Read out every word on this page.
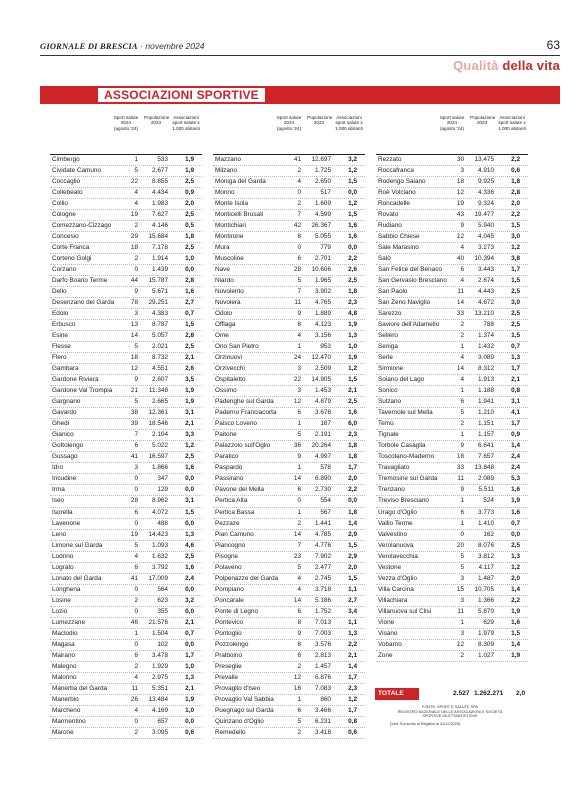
GIORNALE DI BRESCIA · novembre 2024	63
Qualità della vita
ASSOCIAZIONI SPORTIVE
Sport salute 2024 (agosto '24)
Popolazione 2023
Associazioni sport salute x 1.000 abitanti
Cimbergo	1	533	1,9
Cividate Camuno	5 2.677	1,9
Coccaglio	22 8.855	2,5
Collebeato	4 4.434	0,9
Collio	4 1.983	2,0
Cologne	19 7.627	2,5
Comezzano-Cizzago	2 4.146	0,5
Concesio	29 15.684	1,8
Corte Franca	18 7.178	2,5
Corteno Golgi	2 1.914	1,0
Corzano	0 1.439	0,0
Darfo Boario Terme	44 15.787	2,8
Dello	9 5.671	1,6
Desenzano del Garda	78 29.251	2,7
Edolo	3 4.383	0,7
Erbusco	13 8.787	1,5
Esine	14 5.057	2,8
Flesse	5 2.021	2,5
Flero	18 8.732	2,1
Gambara	12 4.551	2,6
Gardone Riviera	9 2.607	3,5
Gardone Val Trompia	21 11.348	1,9
Gargnano	5 2.665	1,9
Gavardo	38 12.361	3,1
Ghedi	39 18.546	2,1
Gianico	7 2.104	3,3
Gottolengo	6 5.022	1,2
Gussago	41 16.597	2,5
Idro	3 1.866	1,6
Incudine	0	347	0,0
Irma	0	129	0,0
Iseo	28 8.962	3,1
Isorella	6 4.072	1,5
Lavenone	0	488	0,0
Leno	19 14.423	1,3
Limone sul Garda	5 1.093	4,6
Lodrino	4 1.632	2,5
Lograto	6 3.792	1,6
Lonato del Garda	41 17.009	2,4
Longhena	0	564	0,0
Losine	2	623	3,2
Lozio	0	355	0,0
Lumezzane	46 21.576	2,1
Maclodio	1 1.504	0,7
Magasa	0	102	0,0
Mairano	6 3.478	1,7
Malegno	2 1.929	1,0
Malonno	4 2.975	1,3
Manerba del Garda	11 5.351	2,1
Manerbio	26 13.484	1,9
Marcheno	4 4.169	1,0
Marmentino	0	657	0,0
Marone	2 3.095	0,6
Sport salute 2024 (agosto '24)
Popolazione 2023
Associazioni sport salute x 1.000 abitanti
Mazzano	41 12.697	3,2
Milzano	2 1.725	1,2
Moniga del Garda	4 2.650	1,5
Monno	0	517	0,0
Monte Isola	2 1.609	1,2
Monticelli Brusati	7 4.599	1,5
Montichiari	42 26.367	1,6
Montirone	8 5.055	1,6
Mura	0	779	0,0
Muscoline	6 2.701	2,2
Nave	28 10.606	2,6
Niardo	5 1.965	2,5
Nuvolento	7 3.902	1,8
Nuvolera	11 4.765	2,3
Odolo	9 1.889	4,8
Offlaga	8 4.123	1,9
Ome	4 3.156	1,3
Ono San Pietro	1	953	1,0
Orzinuovi	24 12.470	1,9
Orzivecchi	3 2.509	1,2
Ospitaletto	22 14.905	1,5
Ossimo	3 1.453	2,1
Padenghe sul Garda	12 4.879	2,5
Paderno Franciacorta	6 3.678	1,6
Paisco Loveno	1	167	6,0
Paitone	5 2.191	2,3
Palazzolo sull'Oglio	36 20.264	1,8
Paratico	9 4.997	1,8
Paspardo	1	578	1,7
Passirano	14 6.890	2,0
Pavone del Mella	6 2.730	2,2
Pertica Alta	0	554	0,0
Pertica Bassa	1	567	1,8
Pezzaze	2 1.441	1,4
Pian Camuno	14 4.785	2,9
Piancogno	7 4.776	1,5
Pisogne	23 7.902	2,9
Polaveno	5 2.477	2,0
Polpenazze del Garda	4 2.745	1,5
Pompiano	4 3.718	1,1
Poncarale	14 5.186	2,7
Ponte di Legno	6 1.752	3,4
Pontevico	8 7.013	1,1
Pontoglio	9 7.003	1,3
Pozzolengo	8 3.576	2,2
Pralboino	6 2.813	2,1
Preseglie	2 1.457	1,4
Prevalle	12 6.876	1,7
Provaglio d'Iseo	16 7.083	2,3
Provaglio Val Sabbia	1	860	1,2
Puegnago sul Garda	6 3.466	1,7
Quinzano d'Oglio	5 6.231	0,8
Remedello	2 3.418	0,6
Sport salute 2024 (agosto '24)
Popolazione 2023
Associazioni sport salute x 1.000 abitanti
Rezzato	30 13.475	2,2
Roccafranca	3 4.910	0,6
Rodengo Saiano	18 9.925	1,8
Roè Volciano	12 4.336	2,8
Roncadelle	19 9.324	2,0
Rovato	43 19.477	2,2
Rudiano	9 5.940	1,5
Sabbio Chiese	12 4.045	3,0
Sale Marasino	4 3.273	1,2
Salò	40 10.394	3,8
San Felice del Benaco	6 3.443	1,7
San Gervasio Bresciano 4 2.674	1,5
San Paolo	11 4.443	2,5
San Zeno Naviglio	14 4.672	3,0
Sarezzo	33 13.210	2,5
Saviore dell'Adamello	2	788	2,5
Sellero	2 1.374	1,5
Seniga	1 1.432	0,7
Serle	4 3.089	1,3
Sirmione	14 8.312	1,7
Soiano del Lago	4 1.913	2,1
Sonico	1 1.188	0,8
Sulzano	6 1.941	3,1
Tavernole sul Mella	5 1.210	4,1
Temù	2 1.151	1,7
Tignale	1 1.157	0,9
Torbole Casaglia	9 6.641	1,4
Toscolano-Maderno	18 7.657	2,4
Travagliato	33 13.848	2,4
Tremosine sul Garda	11 2.089	5,3
Trenzano	9 5.511	1,6
Treviso Bresciano	1	524	1,9
Urago d'Oglio	6 3.773	1,6
Vallio Terme	1 1.410	0,7
Valvestino	0	162	0,0
Verolanuova	20 8.076	2,5
Verolavecchia	5 3.812	1,3
Vestone	5 4.117	1,2
Vezza d'Oglio	3 1.487	2,0
Villa Carcina	15 10.705	1,4
Villachiara	3 1.366	2,2
Villanuova sul Clisi	11 5.870	1,9
Vione	1	629	1,6
Visano	3 1.979	1,5
Vobarno	12 8.309	1,4
Zone	2 1.027	1,9
TOTALE	2.527 1.262.271 2,0
FONTE: SPORT E SALUTE SPA
REGISTRO NAZIONALE DELLE ASSOCIAZIONI E SOCIETÀ SPORTIVE DILETTANTISTICHE
(Ved. Sul sorito al Registro al 31/12/2023)
